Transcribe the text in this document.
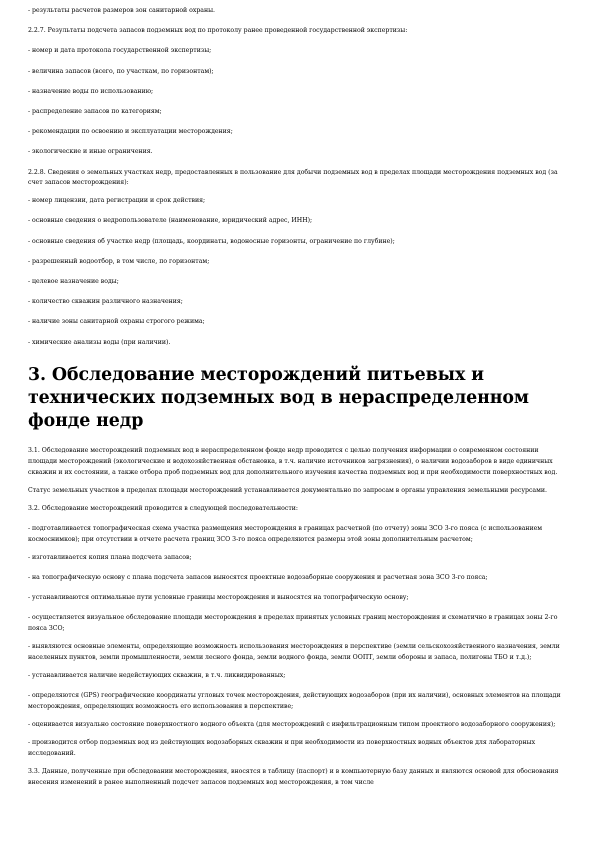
- результаты расчетов размеров зон санитарной охраны.

2.2.7. Результаты подсчета запасов подземных вод по протоколу ранее проведенной государственной экспертизы:

- номер и дата протокола государственной экспертизы;

- величина запасов (всего, по участкам, по горизонтам);

- назначение воды по использованию;

- распределение запасов по категориям;

- рекомендации по освоению и эксплуатации месторождения;

- экологические и иные ограничения.

2.2.8. Сведения о земельных участках недр, предоставленных в пользование для добычи подземных вод в пределах площади месторождения подземных вод (за счет запасов месторождения):

- номер лицензии, дата регистрации и срок действия;

- основные сведения о недропользователе (наименование, юридический адрес, ИНН);

- основные сведения об участке недр (площадь, координаты, водоносные горизонты, ограничение по глубине);

- разрешенный водоотбор, в том числе, по горизонтам;

- целевое назначение воды;

- количество скважин различного назначения;

- наличие зоны санитарной охраны строгого режима;

- химические анализы воды (при наличии).

3. Обследование месторождений питьевых и технических подземных вод в нераспределенном фонде недр

3.1. Обследование месторождений подземных вод в нераспределенном фонде недр проводится с целью получения информации о современном состоянии площади месторождений (экологические и водохозяйственная обстановка, в т.ч. наличие источников загрязнения), о наличии водозаборов в виде единичных скважин и их состоянии, а также отбора проб подземных вод для дополнительного изучения качества подземных вод и при необходимости поверхностных вод.

Статус земельных участков в пределах площади месторождений устанавливается документально по запросам в органы управления земельными ресурсами.

3.2. Обследование месторождений проводится в следующей последовательности:

- подготавливается топографическая схема участка размещения месторождения в границах расчетной (по отчету) зоны ЗСО 3-го пояса (с использованием космоснимков); при отсутствии в отчете расчета границ ЗСО 3-го пояса определяются размеры этой зоны дополнительным расчетом;

- изготавливается копия плана подсчета запасов;

- на топографическую основу с плана подсчета запасов выносятся проектные водозаборные сооружения и расчетная зона ЗСО 3-го пояса;

- устанавливаются оптимальные пути условные границы месторождения и выносятся на топографическую основу;

- осуществляется визуальное обследование площади месторождения в пределах принятых условных границ месторождения и схематично в границах зоны 2-го пояса ЗСО;

- выявляются основные элементы, определяющие возможность использования месторождения в перспективе (земли сельскохозяйственного назначения, земли населенных пунктов, земли промышленности, земли лесного фонда, земли водного фонда, земли ООПТ, земли обороны и запаса, полигоны ТБО и т.д.);

- устанавливается наличие недействующих скважин, в т.ч. ликвидированных;

- определяются (GPS) географические координаты угловых точек месторождения, действующих водозаборов (при их наличии), основных элементов на площади месторождения, определяющих возможность его использования в перспективе;

- оценивается визуально состояние поверхностного водного объекта (для месторождений с инфильтрационным типом проектного водозаборного сооружения);

- производится отбор подземных вод из действующих водозаборных скважин и при необходимости из поверхностных водных объектов для лабораторных исследований.

3.3. Данные, полученные при обследовании месторождения, вносятся в таблицу (паспорт) и в компьютерную базу данных и являются основой для обоснования внесения изменений в ранее выполненный подсчет запасов подземных вод месторождения, в том числе
